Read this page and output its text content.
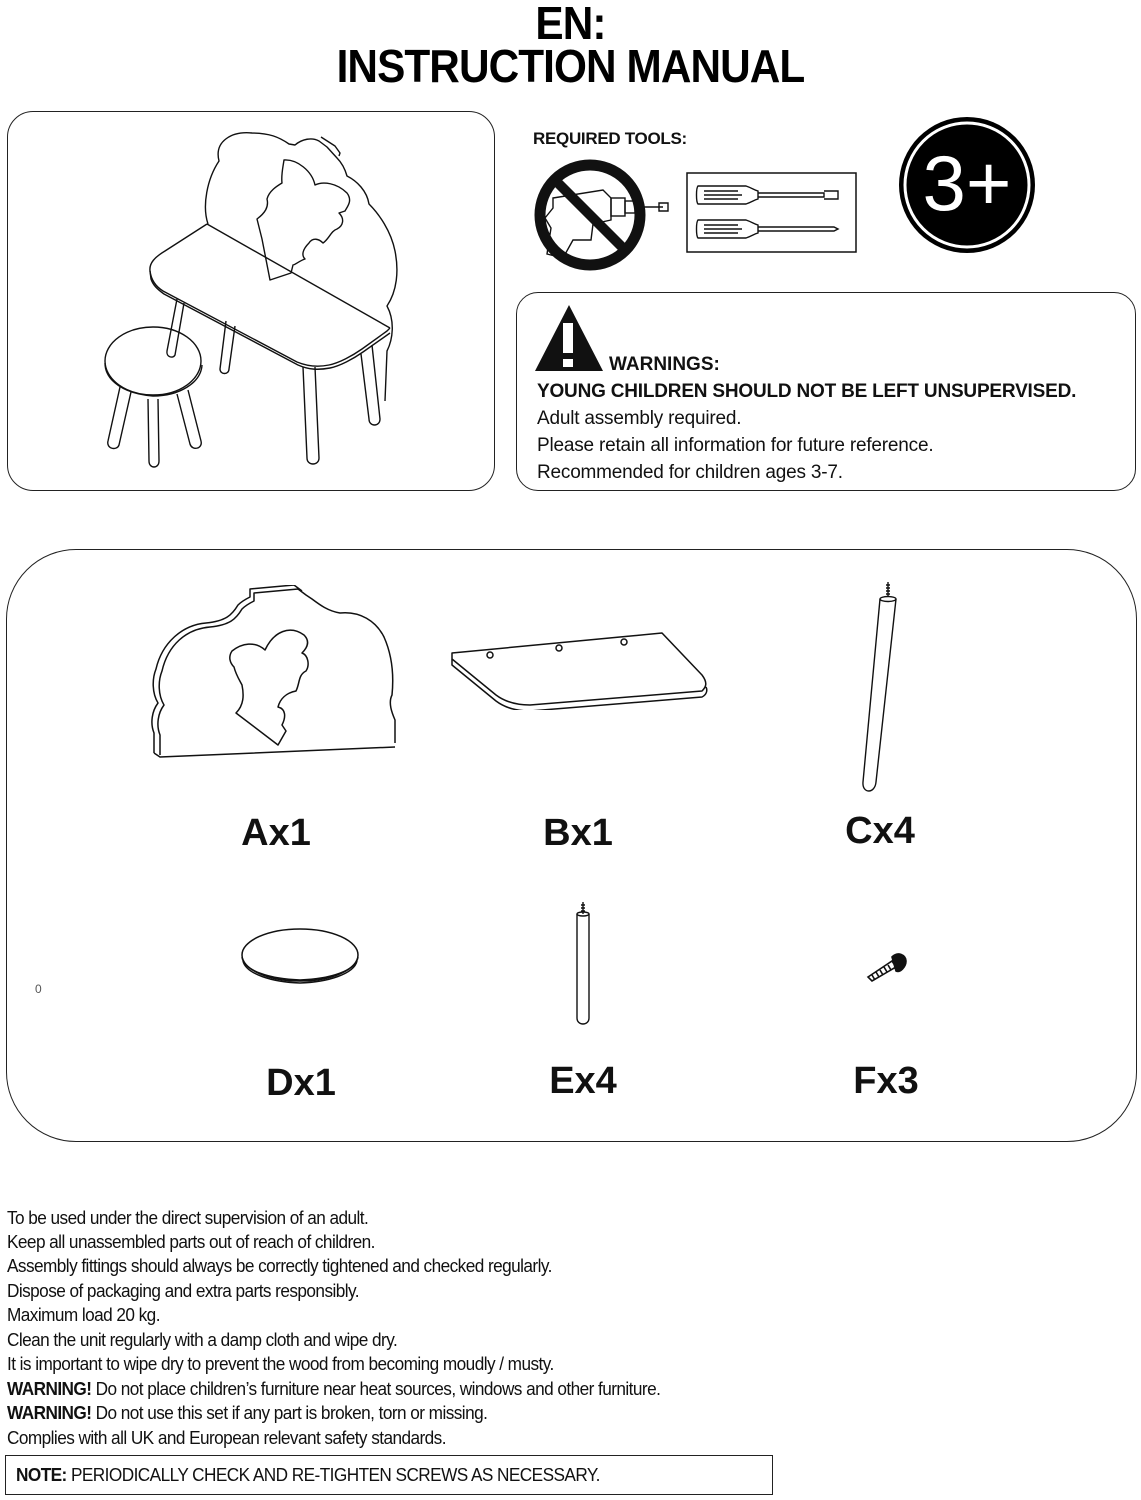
EN:
INSTRUCTION MANUAL
REQUIRED TOOLS:
3+
WARNINGS:
YOUNG CHILDREN SHOULD NOT BE LEFT UNSUPERVISED.
Adult assembly required.
Please retain all information for future reference.
Recommended for children ages 3-7.
Ax1	Bx1	Cx4
Dx1	Ex4	Fx3
0
To be used under the direct supervision of an adult.
Keep all unassembled parts out of reach of children.
Assembly fittings should always be correctly tightened and checked regularly.
Dispose of packaging and extra parts responsibly.
Maximum load 20 kg.
Clean the unit regularly with a damp cloth and wipe dry.
It is important to wipe dry to prevent the wood from becoming moudly / musty.
WARNING! Do not place children’s furniture near heat sources, windows and other furniture.
WARNING! Do not use this set if any part is broken, torn or missing.
Complies with all UK and European relevant safety standards.
NOTE: PERIODICALLY CHECK AND RE-TIGHTEN SCREWS AS NECESSARY.
